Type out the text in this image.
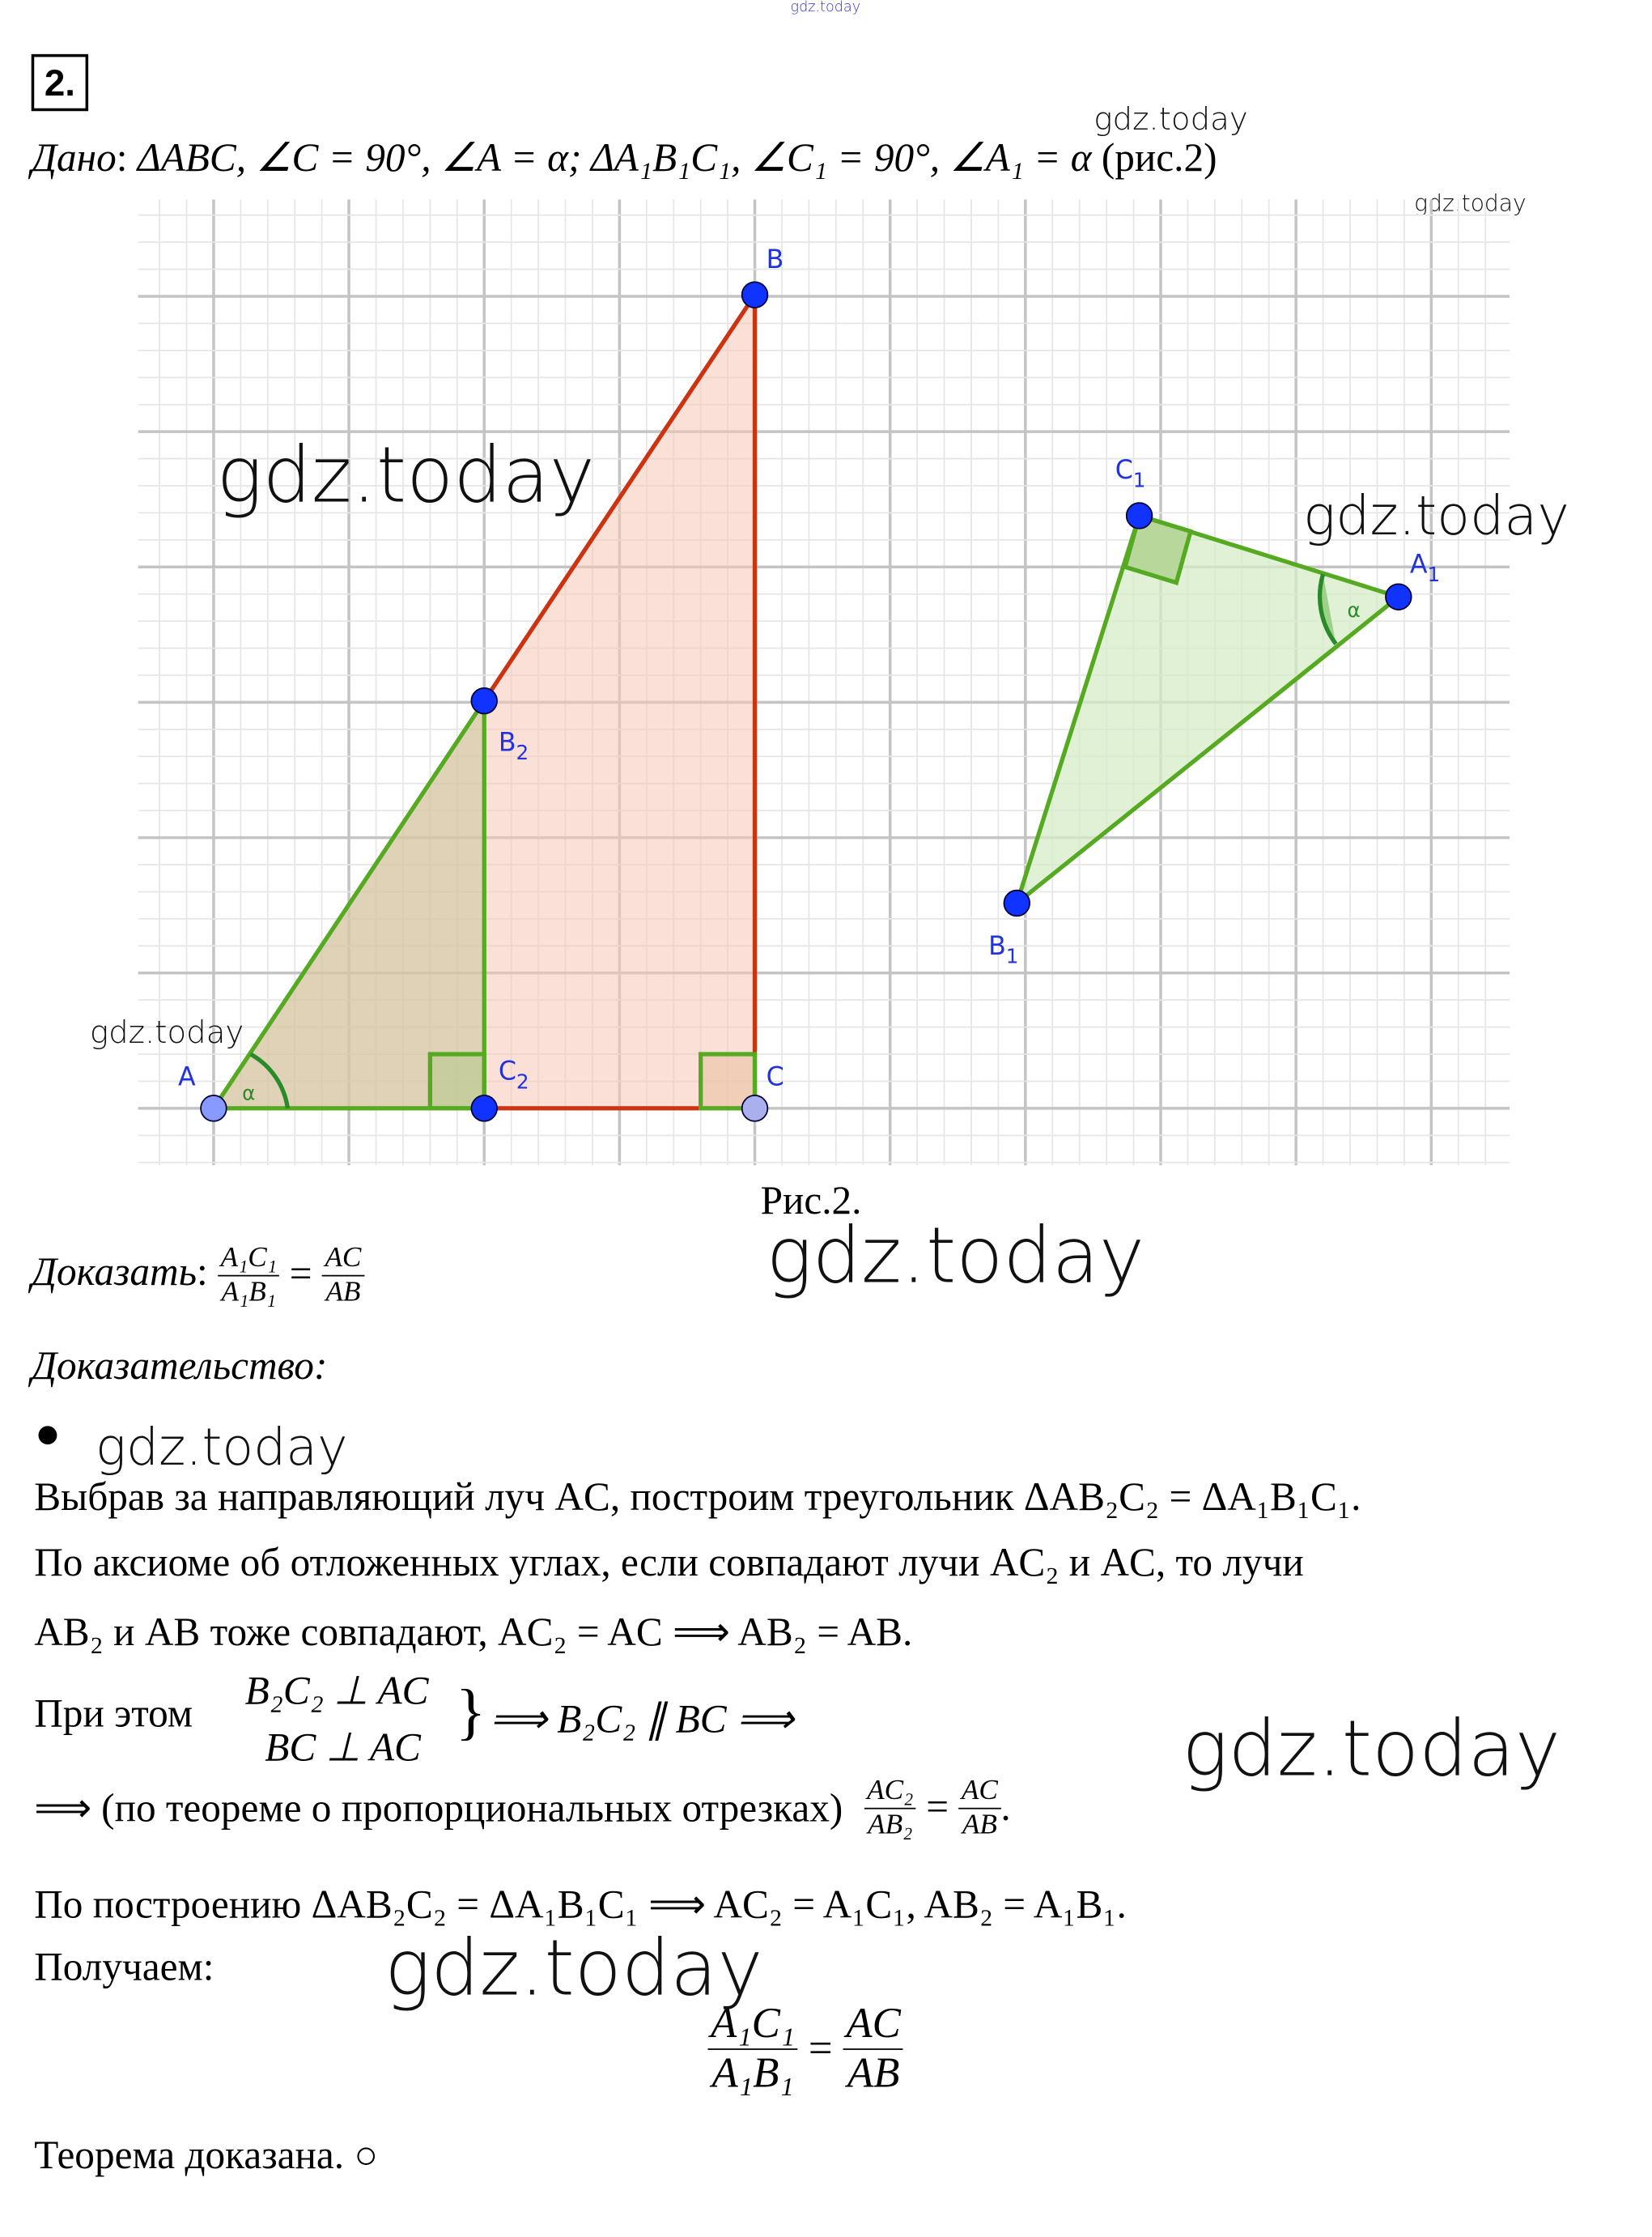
gdz.today
2.
gdz.today
Дано: ΔABC, ∠C = 90°, ∠A = α; ΔA₁B₁C₁, ∠C₁ = 90°, ∠A₁ = α (рис.2)
gdz.today
α
α
A
B
C
$B_2$
$C_2$
$C_1$
$A_1$
$B_1$
gdz.today	gdz.today
gdz.today
Рис.2.
gdz.today
Доказать: $\frac{\text{A₁C₁}}{\text{A₁B₁}} = \frac{AC}{AB}$
Доказательство:
gdz.today
Выбрав за направляющий луч AC, построим треугольник ΔAB₂C₂ = ΔA₁B₁C₁.
По аксиоме об отложенных углах, если совпадают лучи AC₂ и AC, то лучи
AB₂ и AB тоже совпадают, AC₂ = AC ⟹ AB₂ = AB.
При этом
B₂C₂ ⊥ AC
BC ⊥ AC
} ⟹ B₂C₂ ∥ BC ⟹	gdz.today
⟹ (по теореме о пропорциональных отрезках) $\frac{\text{AC₂}}{\text{AB₂}} = \frac{AC}{AB}$ .
По построению ΔAB₂C₂ = ΔA₁B₁C₁ ⟹ AC₂ = A₁C₁, AB₂ = A₁B₁.
Получаем:	gdz.today
$\frac{\text{A₁C₁}}{\text{A₁B₁}} = \frac{AC}{AB}$
Теорема доказана. ○
